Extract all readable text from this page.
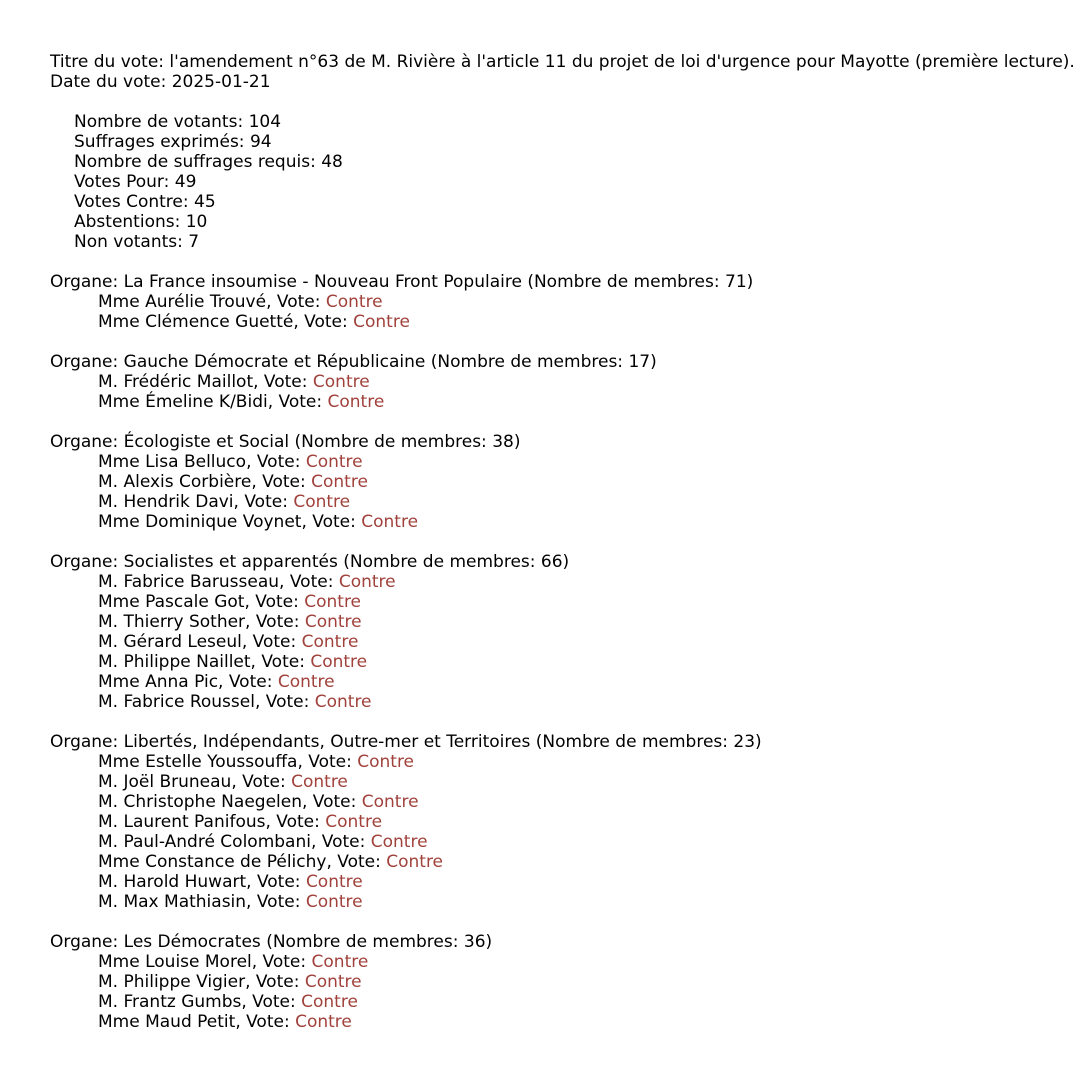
Titre du vote: l'amendement n°63 de M. Rivière à l'article 11 du projet de loi d'urgence pour Mayotte (première lecture).
Date du vote: 2025-01-21
Nombre de votants: 104
Suffrages exprimés: 94
Nombre de suffrages requis: 48
Votes Pour: 49
Votes Contre: 45
Abstentions: 10
Non votants: 7
Organe: La France insoumise - Nouveau Front Populaire (Nombre de membres: 71)
Mme Aurélie Trouvé, Vote: Contre
Mme Clémence Guetté, Vote: Contre
Organe: Gauche Démocrate et Républicaine (Nombre de membres: 17)
M. Frédéric Maillot, Vote: Contre
Mme Émeline K/Bidi, Vote: Contre
Organe: Écologiste et Social (Nombre de membres: 38)
Mme Lisa Belluco, Vote: Contre
M. Alexis Corbière, Vote: Contre
M. Hendrik Davi, Vote: Contre
Mme Dominique Voynet, Vote: Contre
Organe: Socialistes et apparentés (Nombre de membres: 66)
M. Fabrice Barusseau, Vote: Contre
Mme Pascale Got, Vote: Contre
M. Thierry Sother, Vote: Contre
M. Gérard Leseul, Vote: Contre
M. Philippe Naillet, Vote: Contre
Mme Anna Pic, Vote: Contre
M. Fabrice Roussel, Vote: Contre
Organe: Libertés, Indépendants, Outre-mer et Territoires (Nombre de membres: 23)
Mme Estelle Youssouffa, Vote: Contre
M. Joël Bruneau, Vote: Contre
M. Christophe Naegelen, Vote: Contre
M. Laurent Panifous, Vote: Contre
M. Paul-André Colombani, Vote: Contre
Mme Constance de Pélichy, Vote: Contre
M. Harold Huwart, Vote: Contre
M. Max Mathiasin, Vote: Contre
Organe: Les Démocrates (Nombre de membres: 36)
Mme Louise Morel, Vote: Contre
M. Philippe Vigier, Vote: Contre
M. Frantz Gumbs, Vote: Contre
Mme Maud Petit, Vote: Contre
